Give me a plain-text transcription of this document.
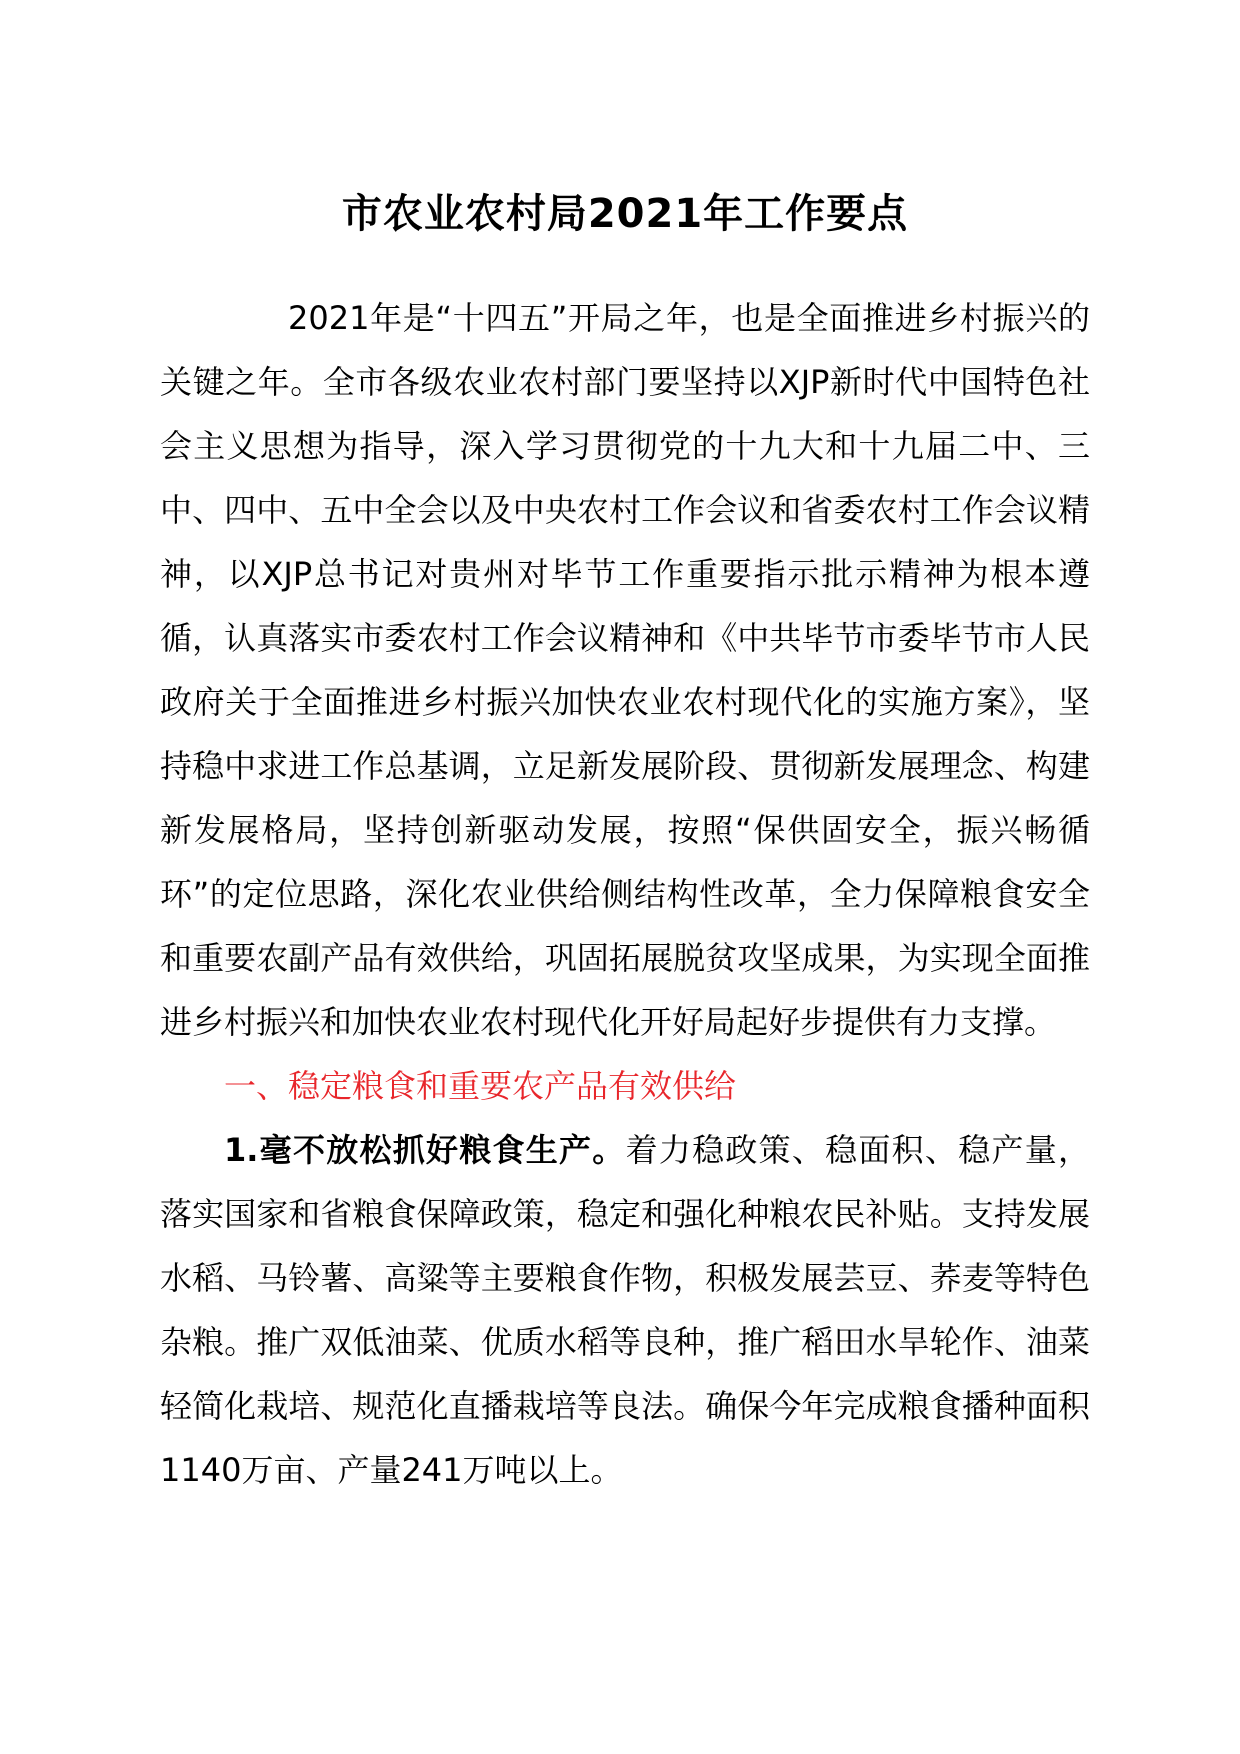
市农业农村局2021年工作要点

2021年是“十四五”开局之年，也是全面推进乡村振兴的关键之年。全市各级农业农村部门要坚持以XJP新时代中国特色社会主义思想为指导，深入学习贯彻党的十九大和十九届二中、三中、四中、五中全会以及中央农村工作会议和省委农村工作会议精神，以XJP总书记对贵州对毕节工作重要指示批示精神为根本遵循，认真落实市委农村工作会议精神和《中共毕节市委毕节市人民政府关于全面推进乡村振兴加快农业农村现代化的实施方案》，坚持稳中求进工作总基调，立足新发展阶段、贯彻新发展理念、构建新发展格局，坚持创新驱动发展，按照“保供固安全，振兴畅循环”的定位思路，深化农业供给侧结构性改革，全力保障粮食安全和重要农副产品有效供给，巩固拓展脱贫攻坚成果，为实现全面推进乡村振兴和加快农业农村现代化开好局起好步提供有力支撑。

一、稳定粮食和重要农产品有效供给

1.毫不放松抓好粮食生产。着力稳政策、稳面积、稳产量，落实国家和省粮食保障政策，稳定和强化种粮农民补贴。支持发展水稻、马铃薯、高粱等主要粮食作物，积极发展芸豆、荞麦等特色杂粮。推广双低油菜、优质水稻等良种，推广稻田水旱轮作、油菜轻简化栽培、规范化直播栽培等良法。确保今年完成粮食播种面积1140万亩、产量241万吨以上。
